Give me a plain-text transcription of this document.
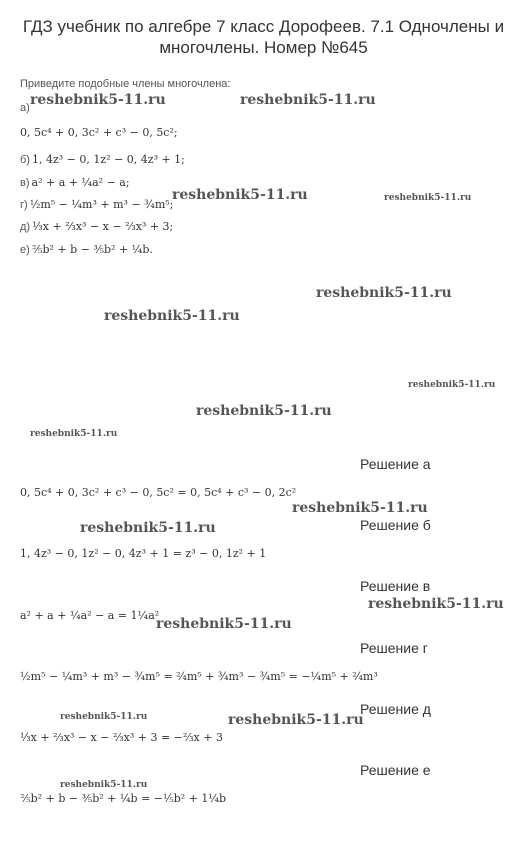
ГДЗ учебник по алгебре 7 класс Дорофеев. 7.1 Одночлены и
многочлены. Номер №645
Приведите подобные члены многочлена:
а)
0, 5c⁴ + 0, 3c² + c³ − 0, 5c²;
б) 1, 4z³ − 0, 1z² − 0, 4z³ + 1;
в) a² + a + ¼a² − a;
г) ½m⁵ − ¼m³ + m³ − ¾m⁵;
д) ⅓x + ⅔x³ − x − ⅔x³ + 3;
е) ⅖b² + b − ⅗b² + ¼b.
reshebnik5-11.ru	reshebnik5-11.ru
reshebnik5-11.ru	reshebnik5-11.ru
reshebnik5-11.ru
reshebnik5-11.ru
reshebnik5-11.ru
reshebnik5-11.ru
reshebnik5-11.ru
reshebnik5-11.ru
reshebnik5-11.ru
reshebnik5-11.ru
reshebnik5-11.ru
reshebnik5-11.ru	reshebnik5-11.ru
reshebnik5-11.ru
Решение а
0, 5c⁴ + 0, 3c² + c³ − 0, 5c² = 0, 5c⁴ + c³ − 0, 2c²
Решение б
1, 4z³ − 0, 1z² − 0, 4z³ + 1 = z³ − 0, 1z² + 1
Решение в
a² + a + ¼a² − a = 1¼a²
Решение г
½m⁵ − ¼m³ + m³ − ¾m⁵ = ²⁄₄m⁵ + ¾m³ − ¾m⁵ = −¼m⁵ + ²⁄₄m³
Решение д
⅓x + ⅔x³ − x − ⅔x³ + 3 = −⅔x + 3
Решение е
⅖b² + b − ⅗b² + ¼b = −⅕b² + 1¼b
